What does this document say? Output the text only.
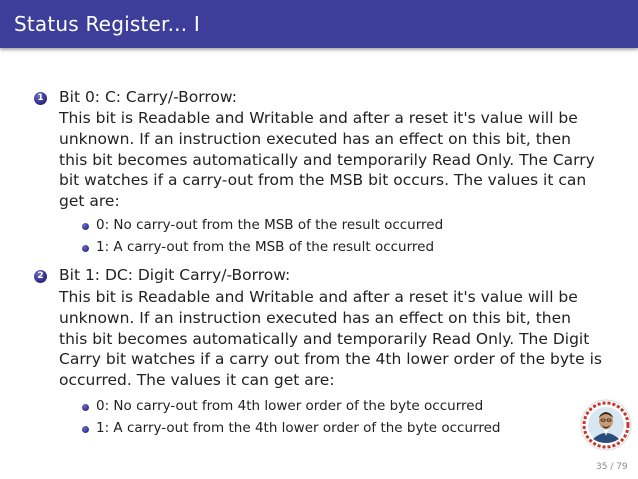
Status Register... I
1 Bit 0: C: Carry/-Borrow:
This bit is Readable and Writable and after a reset it's value will be
unknown. If an instruction executed has an effect on this bit, then
this bit becomes automatically and temporarily Read Only. The Carry
bit watches if a carry-out from the MSB bit occurs. The values it can
get are:
0: No carry-out from the MSB of the result occurred
1: A carry-out from the MSB of the result occurred
2 Bit 1: DC: Digit Carry/-Borrow:
This bit is Readable and Writable and after a reset it's value will be
unknown. If an instruction executed has an effect on this bit, then
this bit becomes automatically and temporarily Read Only. The Digit
Carry bit watches if a carry out from the 4th lower order of the byte is
occurred. The values it can get are:
0: No carry-out from 4th lower order of the byte occurred
1: A carry-out from the 4th lower order of the byte occurred
35 / 79
